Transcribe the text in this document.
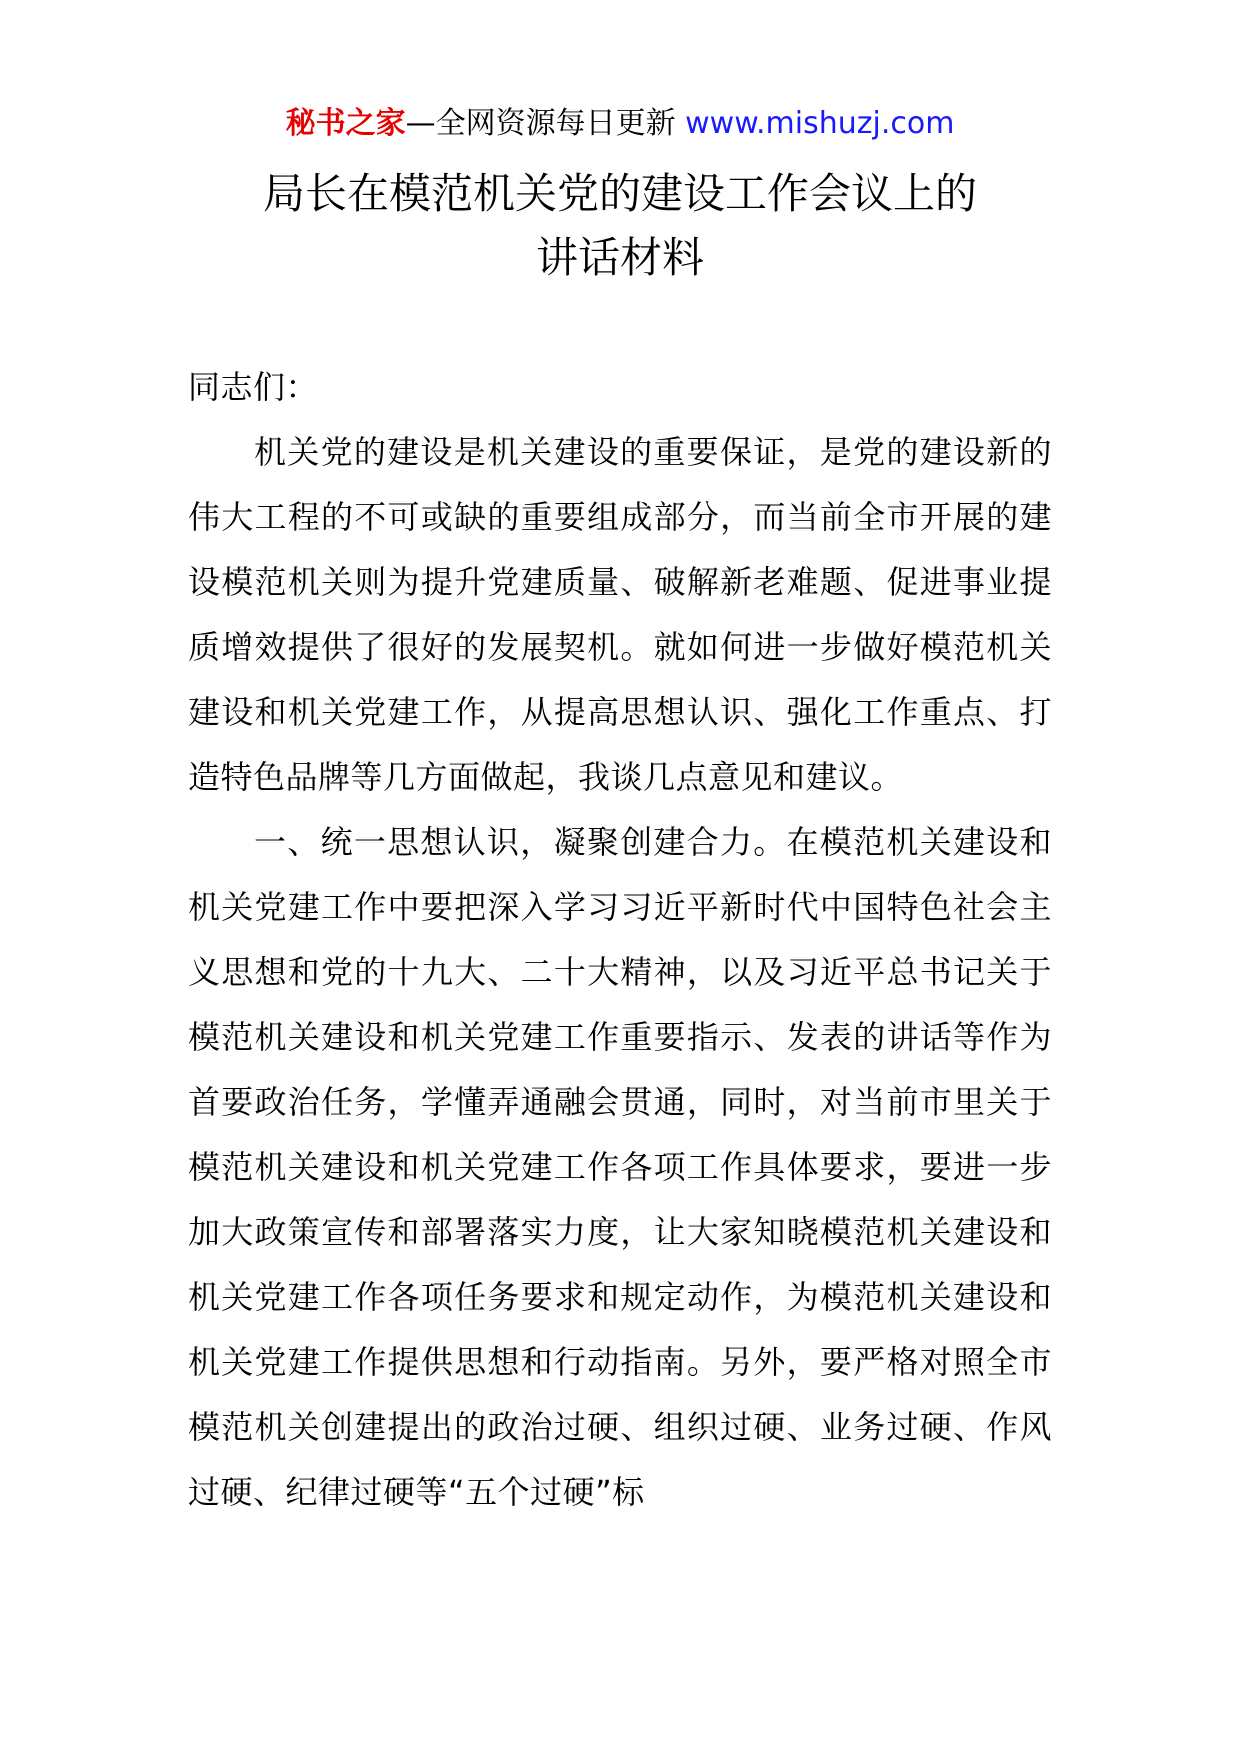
秘书之家—全网资源每日更新 www.mishuzj.com
局长在模范机关党的建设工作会议上的
讲话材料

同志们：

机关党的建设是机关建设的重要保证，是党的建设新的伟大工程的不可或缺的重要组成部分，而当前全市开展的建设模范机关则为提升党建质量、破解新老难题、促进事业提质增效提供了很好的发展契机。就如何进一步做好模范机关建设和机关党建工作，从提高思想认识、强化工作重点、打造特色品牌等几方面做起，我谈几点意见和建议。

一、统一思想认识，凝聚创建合力。在模范机关建设和机关党建工作中要把深入学习习近平新时代中国特色社会主义思想和党的十九大、二十大精神，以及习近平总书记关于模范机关建设和机关党建工作重要指示、发表的讲话等作为首要政治任务，学懂弄通融会贯通，同时，对当前市里关于模范机关建设和机关党建工作各项工作具体要求，要进一步加大政策宣传和部署落实力度，让大家知晓模范机关建设和机关党建工作各项任务要求和规定动作，为模范机关建设和机关党建工作提供思想和行动指南。另外，要严格对照全市模范机关创建提出的政治过硬、组织过硬、业务过硬、作风过硬、纪律过硬等“五个过硬”标
